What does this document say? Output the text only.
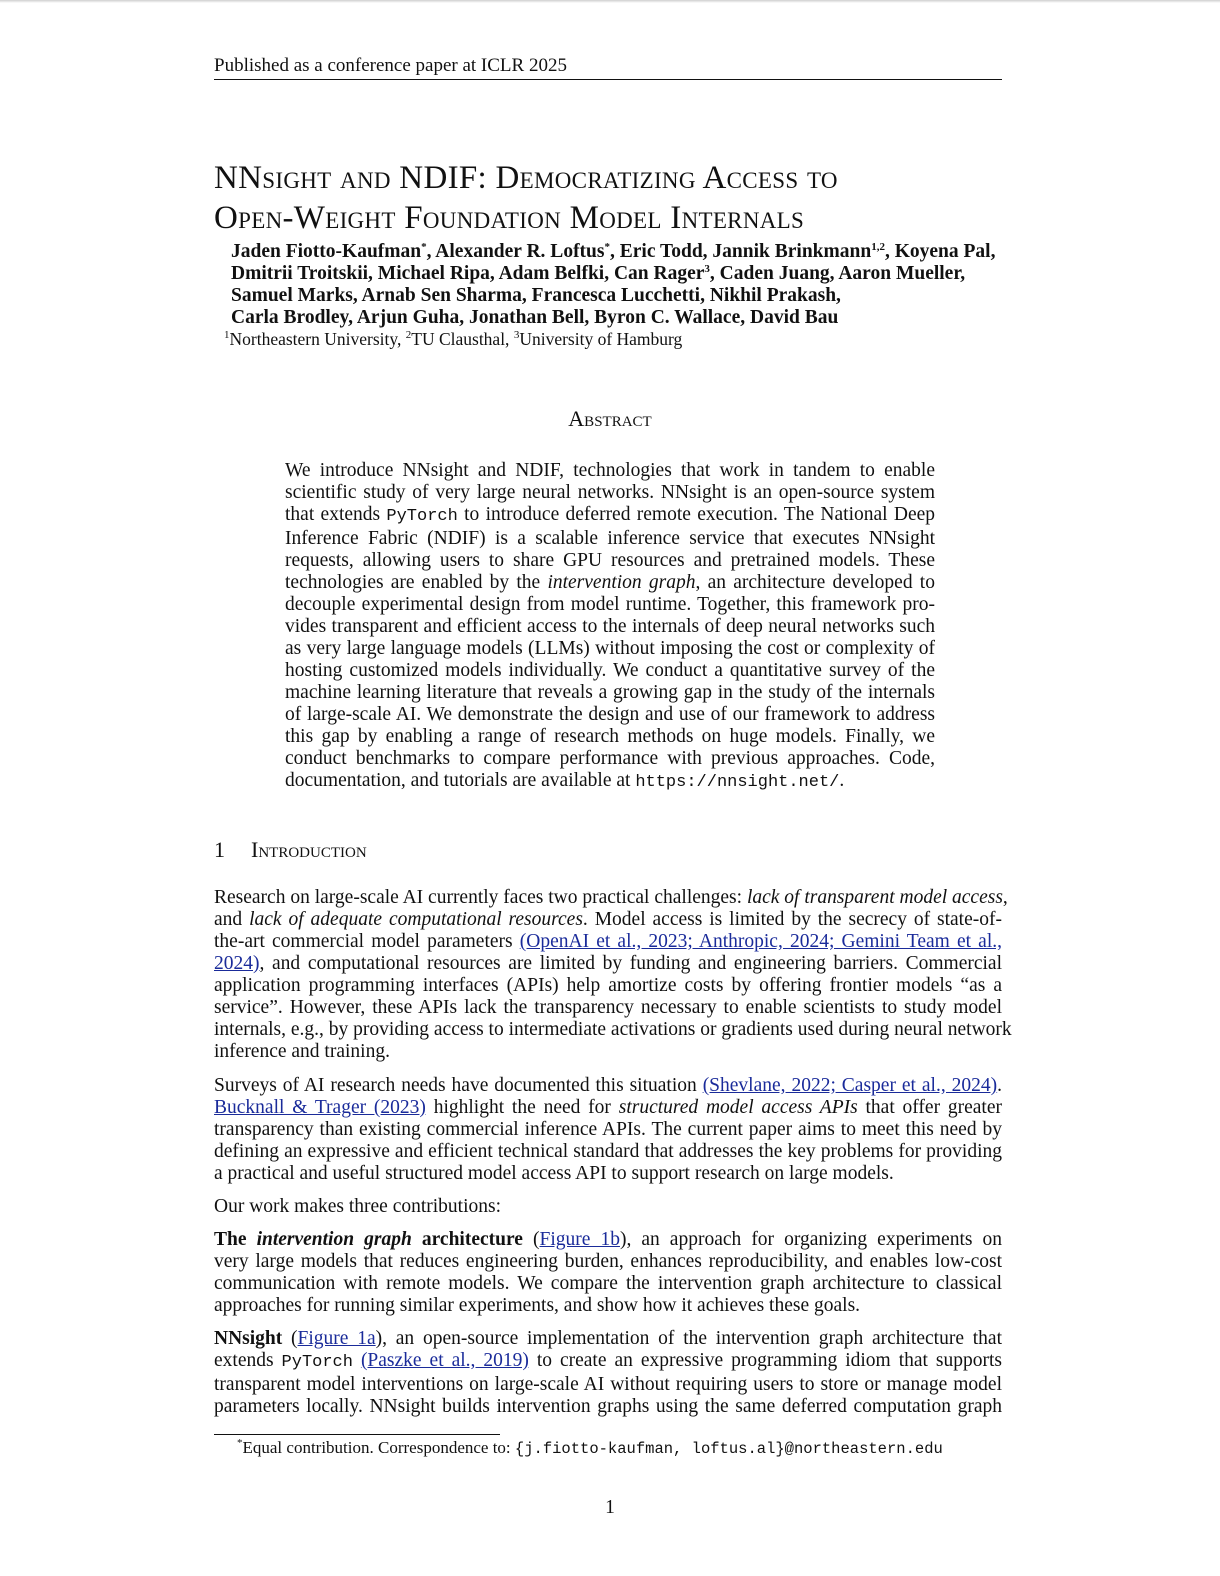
Published as a conference paper at ICLR 2025
NNsight and NDIF: Democratizing Access to
Open-Weight Foundation Model Internals
Jaden Fiotto-Kaufman*, Alexander R. Loftus*, Eric Todd, Jannik Brinkmann$^{1,2}$, Koyena Pal,
Dmitrii Troitskii, Michael Ripa, Adam Belfki, Can Rager$^3$, Caden Juang, Aaron Mueller,
Samuel Marks, Arnab Sen Sharma, Francesca Lucchetti, Nikhil Prakash,
Carla Brodley, Arjun Guha, Jonathan Bell, Byron C. Wallace, David Bau
$^1$Northeastern University, $^2$TU Clausthal, $^3$University of Hamburg
Abstract
We introduce NNsight and NDIF, technologies that work in tandem to enable
scientific study of very large neural networks. NNsight is an open-source system
that extends PyTorch to introduce deferred remote execution. The National Deep
Inference Fabric (NDIF) is a scalable inference service that executes NNsight
requests, allowing users to share GPU resources and pretrained models. These
technologies are enabled by the intervention graph, an architecture developed to
decouple experimental design from model runtime. Together, this framework pro-
vides transparent and efficient access to the internals of deep neural networks such
as very large language models (LLMs) without imposing the cost or complexity of
hosting customized models individually. We conduct a quantitative survey of the
machine learning literature that reveals a growing gap in the study of the internals
of large-scale AI. We demonstrate the design and use of our framework to address
this gap by enabling a range of research methods on huge models. Finally, we
conduct benchmarks to compare performance with previous approaches. Code,
documentation, and tutorials are available at https://nnsight.net/.
1 Introduction
Research on large-scale AI currently faces two practical challenges: lack of transparent model access,
and lack of adequate computational resources. Model access is limited by the secrecy of state-of-
the-art commercial model parameters (OpenAI et al., 2023; Anthropic, 2024; Gemini Team et al.,
2024), and computational resources are limited by funding and engineering barriers. Commercial
application programming interfaces (APIs) help amortize costs by offering frontier models “as a
service”. However, these APIs lack the transparency necessary to enable scientists to study model
internals, e.g., by providing access to intermediate activations or gradients used during neural network
inference and training.
Surveys of AI research needs have documented this situation (Shevlane, 2022; Casper et al., 2024).
Bucknall & Trager (2023) highlight the need for structured model access APIs that offer greater
transparency than existing commercial inference APIs. The current paper aims to meet this need by
defining an expressive and efficient technical standard that addresses the key problems for providing
a practical and useful structured model access API to support research on large models.
Our work makes three contributions:
The intervention graph architecture (Figure 1b), an approach for organizing experiments on
very large models that reduces engineering burden, enhances reproducibility, and enables low-cost
communication with remote models. We compare the intervention graph architecture to classical
approaches for running similar experiments, and show how it achieves these goals.
NNsight (Figure 1a), an open-source implementation of the intervention graph architecture that
extends PyTorch (Paszke et al., 2019) to create an expressive programming idiom that supports
transparent model interventions on large-scale AI without requiring users to store or manage model
parameters locally. NNsight builds intervention graphs using the same deferred computation graph
*Equal contribution. Correspondence to: {j.fiotto-kaufman, loftus.al}@northeastern.edu
1
